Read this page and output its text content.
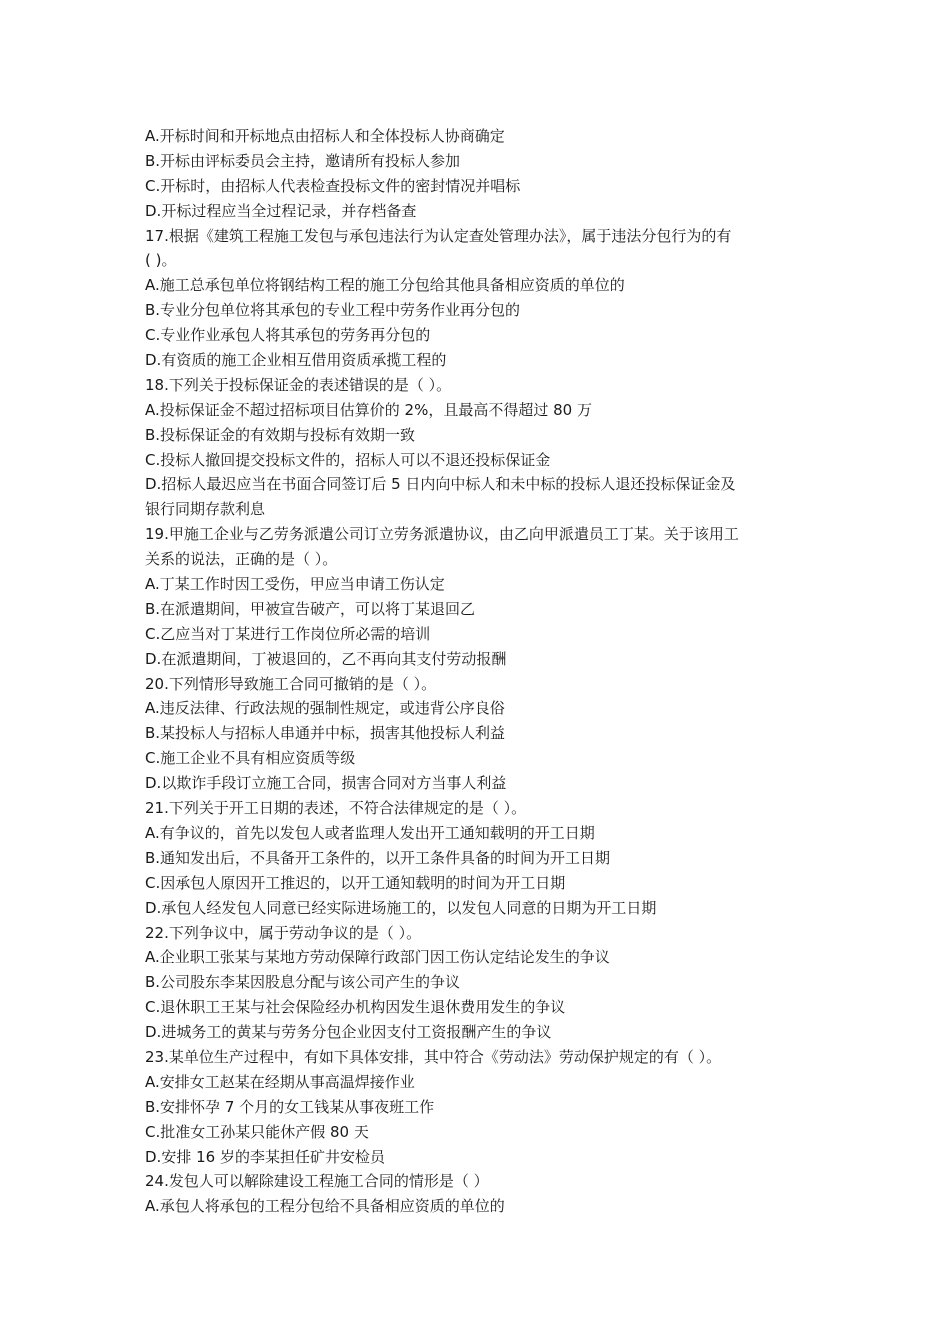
A.开标时间和开标地点由招标人和全体投标人协商确定
B.开标由评标委员会主持，邀请所有投标人参加
C.开标时，由招标人代表检查投标文件的密封情况并唱标
D.开标过程应当全过程记录，并存档备查
17.根据《建筑工程施工发包与承包违法行为认定查处管理办法》，属于违法分包行为的有
( )。
A.施工总承包单位将钢结构工程的施工分包给其他具备相应资质的单位的
B.专业分包单位将其承包的专业工程中劳务作业再分包的
C.专业作业承包人将其承包的劳务再分包的
D.有资质的施工企业相互借用资质承揽工程的
18.下列关于投标保证金的表述错误的是（ ）。
A.投标保证金不超过招标项目估算价的 2%，且最高不得超过 80 万
B.投标保证金的有效期与投标有效期一致
C.投标人撤回提交投标文件的，招标人可以不退还投标保证金
D.招标人最迟应当在书面合同签订后 5 日内向中标人和未中标的投标人退还投标保证金及
银行同期存款利息
19.甲施工企业与乙劳务派遣公司订立劳务派遣协议，由乙向甲派遣员工丁某。关于该用工
关系的说法，正确的是（ ）。
A.丁某工作时因工受伤，甲应当申请工伤认定
B.在派遣期间，甲被宣告破产，可以将丁某退回乙
C.乙应当对丁某进行工作岗位所必需的培训
D.在派遣期间，丁被退回的，乙不再向其支付劳动报酬
20.下列情形导致施工合同可撤销的是（ ）。
A.违反法律、行政法规的强制性规定，或违背公序良俗
B.某投标人与招标人串通并中标，损害其他投标人利益
C.施工企业不具有相应资质等级
D.以欺诈手段订立施工合同，损害合同对方当事人利益
21.下列关于开工日期的表述，不符合法律规定的是（ ）。
A.有争议的，首先以发包人或者监理人发出开工通知载明的开工日期
B.通知发出后，不具备开工条件的，以开工条件具备的时间为开工日期
C.因承包人原因开工推迟的，以开工通知载明的时间为开工日期
D.承包人经发包人同意已经实际进场施工的，以发包人同意的日期为开工日期
22.下列争议中，属于劳动争议的是（ ）。
A.企业职工张某与某地方劳动保障行政部门因工伤认定结论发生的争议
B.公司股东李某因股息分配与该公司产生的争议
C.退休职工王某与社会保险经办机构因发生退休费用发生的争议
D.进城务工的黄某与劳务分包企业因支付工资报酬产生的争议
23.某单位生产过程中，有如下具体安排，其中符合《劳动法》劳动保护规定的有（ ）。
A.安排女工赵某在经期从事高温焊接作业
B.安排怀孕 7 个月的女工钱某从事夜班工作
C.批准女工孙某只能休产假 80 天
D.安排 16 岁的李某担任矿井安检员
24.发包人可以解除建设工程施工合同的情形是（ ）
A.承包人将承包的工程分包给不具备相应资质的单位的
